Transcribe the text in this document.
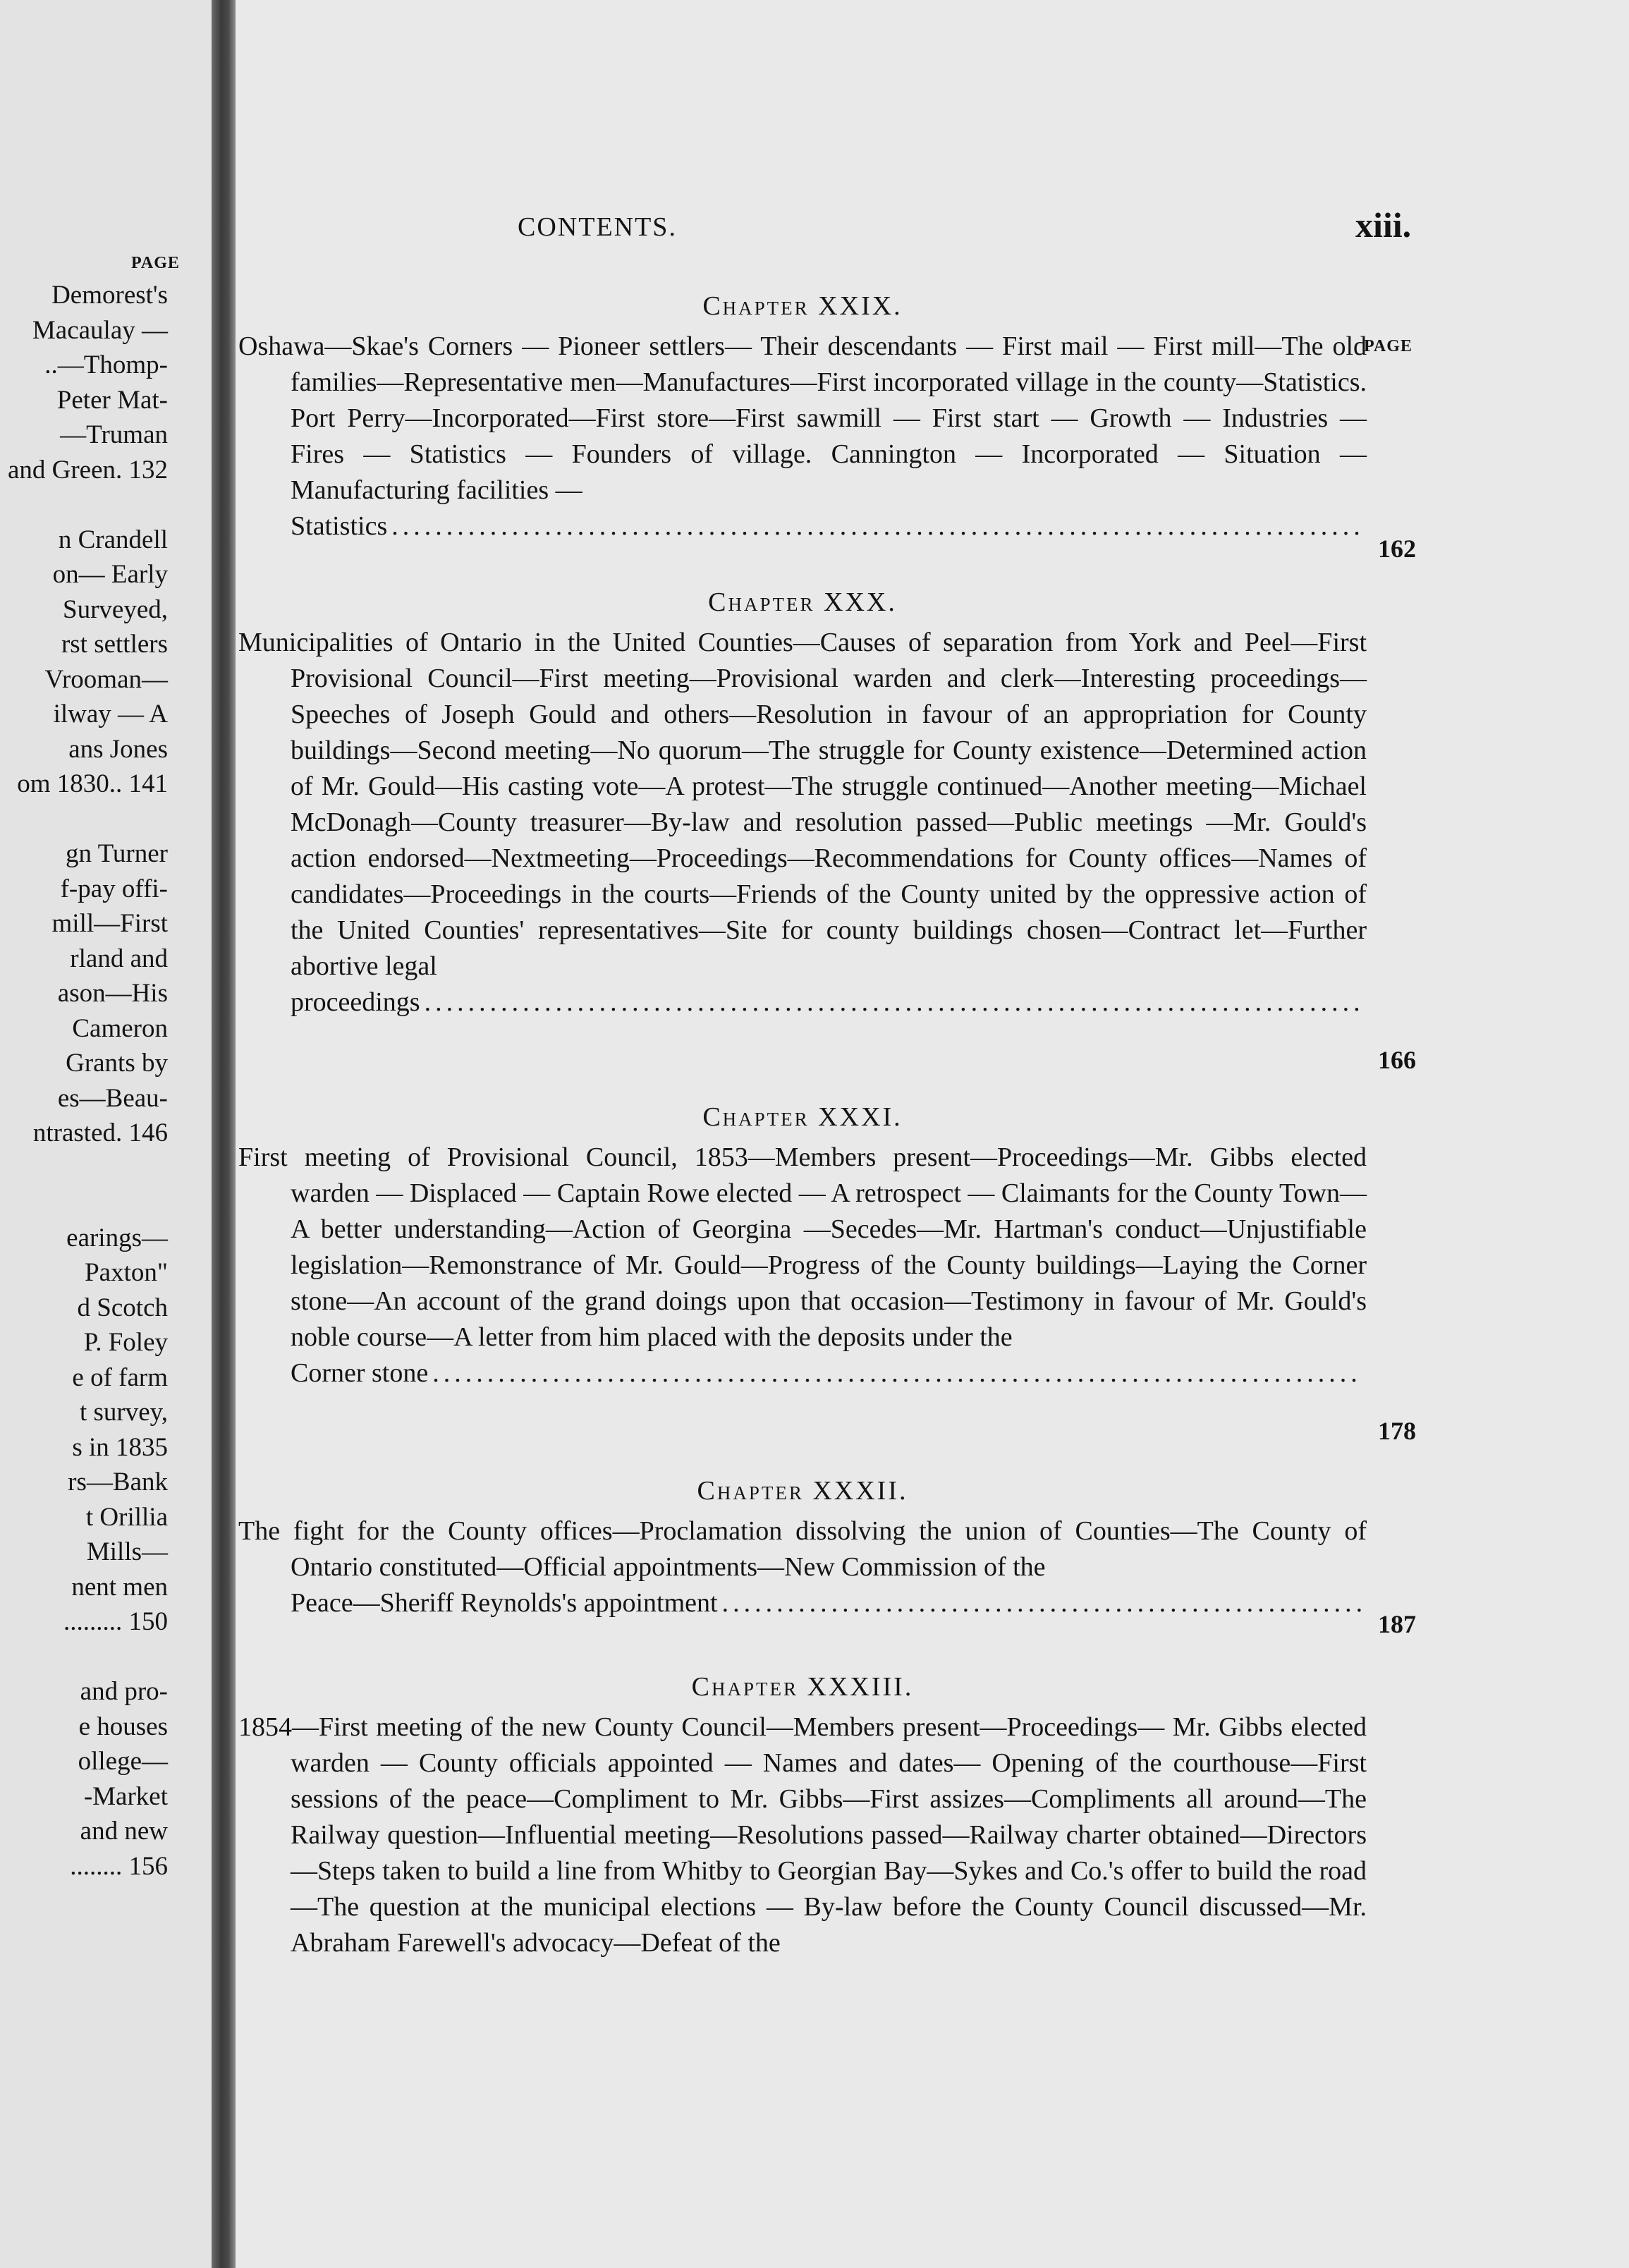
PAGE
Demorest's
Macaulay —
..—Thomp-
Peter Mat-
—Truman
and Green. 132
n Crandell
on— Early
Surveyed,
rst settlers
Vrooman—
ilway — A
ans Jones
om 1830.. 141
gn Turner
f-pay offi-
mill—First
rland and
ason—His
Cameron
Grants by
es—Beau-
ntrasted. 146
earings—
Paxton"
d Scotch
P. Foley
e of farm
t survey,
s in 1835
rs—Bank
t Orillia
Mills—
nent men
......... 150
and pro-
e houses
ollege—
-Market
and new
........ 156
CONTENTS.	xiii.
PAGE
Chapter XXIX.

Oshawa—Skae's Corners — Pioneer settlers— Their descendants — First mail — First mill—The old families—Representative men—Manufactures—First incorporated village in the county—Statistics. Port Perry—Incorporated—First store—First sawmill — First start — Growth — Industries — Fires — Statistics — Founders of village. Cannington — Incorporated — Situation — Manufacturing facilities —

Statistics
.....
162
Chapter XXX.

Municipalities of Ontario in the United Counties—Causes of separation from York and Peel—First Provisional Council—First meeting—Provisional warden and clerk—Interesting proceedings—Speeches of Joseph Gould and others—Resolution in favour of an appropriation for County buildings—Second meeting—No quorum—The struggle for County existence—Determined action of Mr. Gould—His casting vote—A protest—The struggle continued—Another meeting—Michael McDonagh—County treasurer—By-law and resolution passed—Public meetings —Mr. Gould's action endorsed—Nextmeeting—Proceedings—Recommendations for County offices—Names of candidates—Proceedings in the courts—Friends of the County united by the oppressive action of the United Counties' representatives—Site for county buildings chosen—Contract let—Further abortive legal

proceedings
.....
166
Chapter XXXI.

First meeting of Provisional Council, 1853—Members present—Proceedings—Mr. Gibbs elected warden — Displaced — Captain Rowe elected — A retrospect — Claimants for the County Town—A better understanding—Action of Georgina —Secedes—Mr. Hartman's conduct—Unjustifiable legislation—Remonstrance of Mr. Gould—Progress of the County buildings—Laying the Corner stone—An account of the grand doings upon that occasion—Testimony in favour of Mr. Gould's noble course—A letter from him placed with the deposits under the

Corner stone
.....
178
Chapter XXXII.

The fight for the County offices—Proclamation dissolving the union of Counties—The County of Ontario constituted—Official appointments—New Commission of the

Peace—Sheriff Reynolds's appointment
.....
187
Chapter XXXIII.

1854—First meeting of the new County Council—Members present—Proceedings— Mr. Gibbs elected warden — County officials appointed — Names and dates— Opening of the courthouse—First sessions of the peace—Compliment to Mr. Gibbs—First assizes—Compliments all around—The Railway question—Influential meeting—Resolutions passed—Railway charter obtained—Directors—Steps taken to build a line from Whitby to Georgian Bay—Sykes and Co.'s offer to build the road—The question at the municipal elections — By-law before the County Council discussed—Mr. Abraham Farewell's advocacy—Defeat of the
